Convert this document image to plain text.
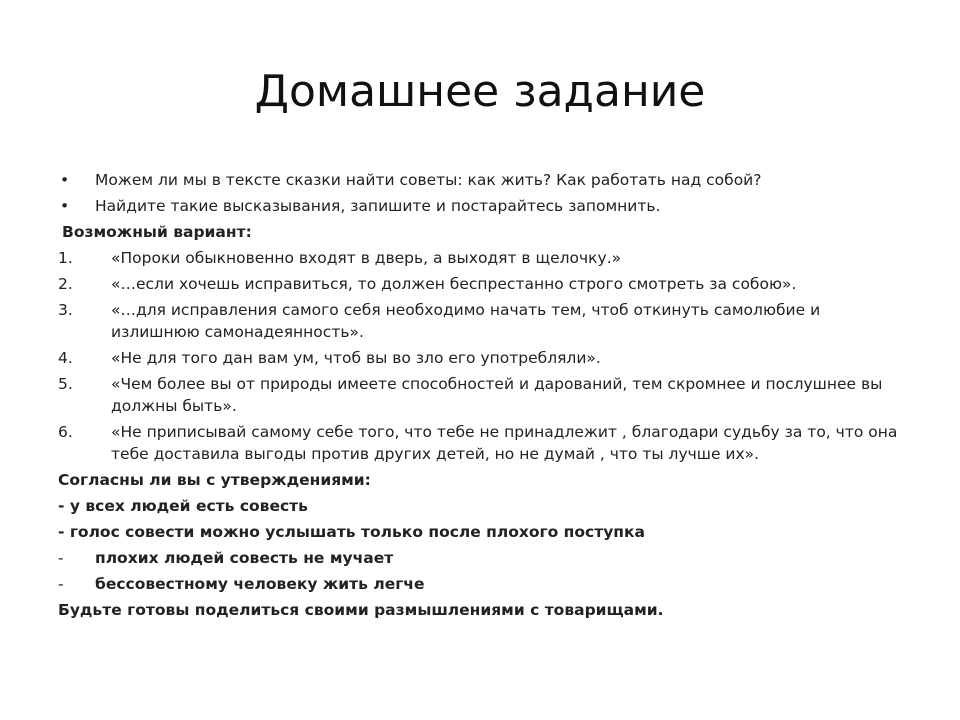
Домашнее задание
• Можем ли мы в тексте сказки найти советы: как жить? Как работать над собой?
• Найдите такие высказывания, запишите и постарайтесь запомнить.
Возможный вариант:
1. «Пороки обыкновенно входят в дверь, а выходят в щелочку.»
2. «…если хочешь исправиться, то должен беспрестанно строго смотреть за собою».
3. «…для исправления самого себя необходимо начать тем, чтоб откинуть самолюбие и излишнюю самонадеянность».
4. «Не для того дан вам ум, чтоб вы во зло его употребляли».
5. «Чем более вы от природы имеете способностей и дарований, тем скромнее и послушнее вы должны быть».
6. «Не приписывай самому себе того, что тебе не принадлежит , благодари судьбу за то, что она тебе доставила выгоды против других детей, но не думай , что ты лучше их».
Согласны ли вы с утверждениями:
- у всех людей есть совесть
- голос совести можно услышать только после плохого поступка
- плохих людей совесть не мучает
- бессовестному человеку жить легче
Будьте готовы поделиться своими размышлениями с товарищами.
